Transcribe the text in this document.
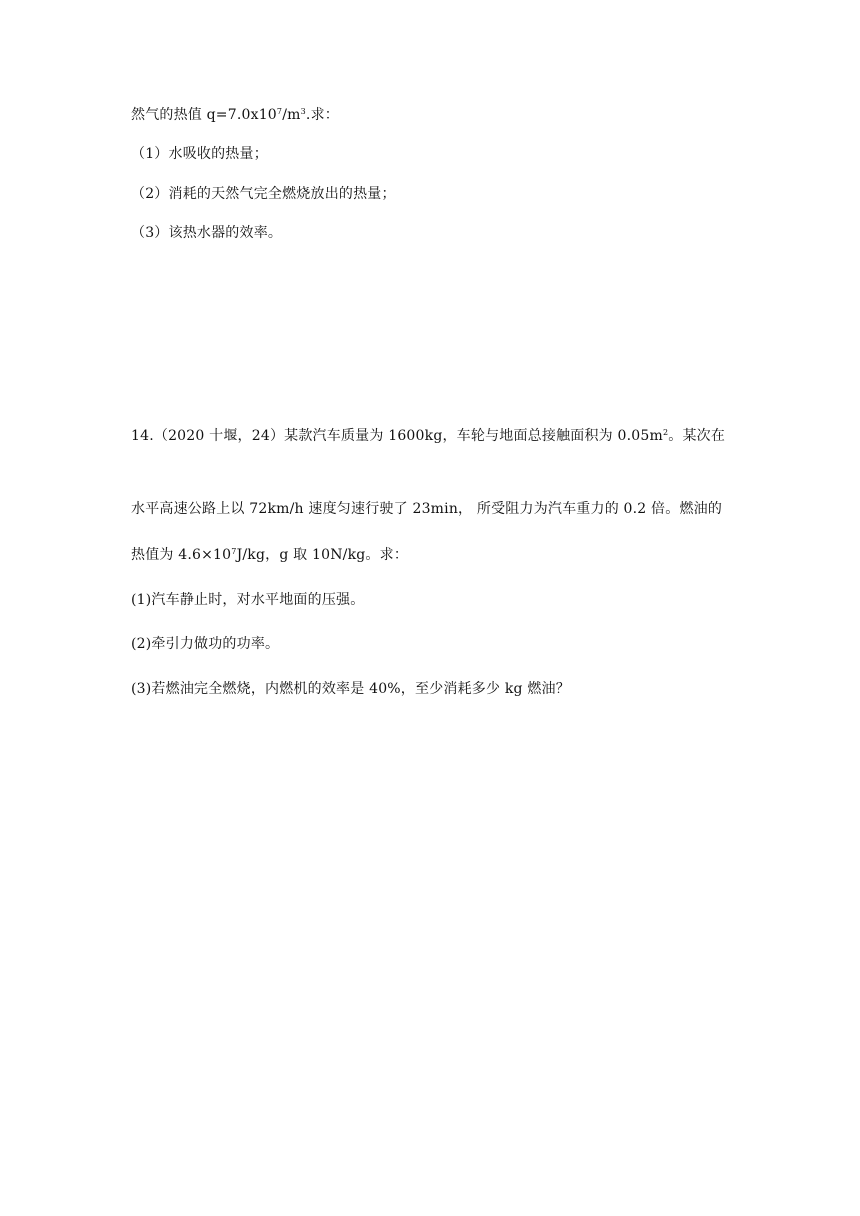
然气的热值 $q=7.0x10^7/m^3$.求：
（1）水吸收的热量；
（2）消耗的天然气完全燃烧放出的热量；
（3）该热水器的效率。
14.（2020 十堰，24）某款汽车质量为 1600kg，车轮与地面总接触面积为 $0.05m^2$。某次在
水平高速公路上以 72km/h 速度匀速行驶了 23min， 所受阻力为汽车重力的 0.2 倍。燃油的
热值为 $4.6\times 10^7J/kg$，g 取 10N/kg。求：
(1)汽车静止时，对水平地面的压强。
(2)牵引力做功的功率。
(3)若燃油完全燃烧，内燃机的效率是 40%，至少消耗多少 kg 燃油？
